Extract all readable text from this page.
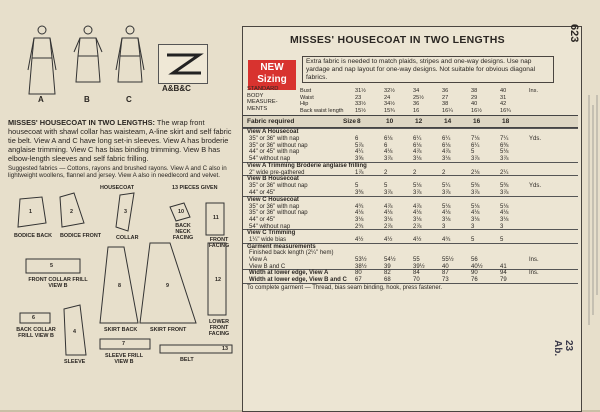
A	B	C
A&B&C
MISSES' HOUSECOAT IN TWO LENGTHS: The wrap front housecoat with shawl collar has waisteam, A-line skirt and self fabric tie belt. View A and C have long set-in sleeves. View A has broderie anglaise trimming. View C has bias binding trimming. View B has elbow-length sleeves and self fabric frilling.
Suggested fabrics — Cottons, rayons and brushed rayons. View A and C also in lightweight woollens, flannel and jersey. View A also in needlecord and velvet.
HOUSECOAT	13 PIECES GIVEN
BODICE BACK BODICE FRONT	COLLAR
BACK NECK FACING	FRONT FACING
FRONT COLLAR FRILL VIEW B
BACK COLLAR FRILL VIEW B
SKIRT BACK SKIRT FRONT
LOWER FRONT FACING
SLEEVE
SLEEVE FRILL VIEW B	BELT
1	2	3	10
11
5
6
8	9
12
4
7
13
MISSES' HOUSECOAT IN TWO LENGTHS
NEW
Sizing
Extra fabric is needed to match plaids, stripes and one-way designs. Use nap yardage and nap layout for one-way designs. Not suitable for obvious diagonal fabrics.
STANDARD
BODY
MEASURE-
MENTS
Bust	31½	32½	34	36	38	40	Ins.
Waist	23	24	25½	27	29	31
Hip	33½	34½	36	38	40	42
Back waist length 15½	15¾	16	16¼	16½	16¾
Fabric required	Size 8	10	12	14	16	18
View A Housecoat
35" or 36" with nap	6	6⅛	6¼	6¼	7⅛	7¼	Yds.
35" or 36" without nap	5⅞	6	6⅛	6⅛	6¼	6⅜
44" or 45" with nap	4¼	4⅛	4⅞	4⅞	5	5⅛
54" without nap	3⅝	3⅞	3⅛	3⅛	3⅞	3⅞
View A Trimming Broderie anglaise frilling
2" wide pre-gathered	1⅞	2	2	2	2⅛	2¼
View B Housecoat
35" or 36" without nap	5	5	5⅛	5¼	5⅜	5⅜	Yds.
44" or 45"	3⅜	3⅞	3⅞	3⅞	3⅞	3⅞
View C Housecoat
35" or 36" with nap	4¾	4⅞	4⅞	5⅛	5⅛	5⅛
35" or 36" without nap	4⅛	4⅛	4⅛	4⅛	4⅛	4⅛
44" or 45"	3⅛	3⅛	3⅛	3⅛	3⅛	3⅛
54" without nap	2¾	2⅞	2⅞	3	3	3
View C Trimming
1¼" wide bias	4½	4½	4½	4¾	5	5
Garment measurements
Finished back length (2¼" hem)
View A	53½	54½	55	55½	56	Ins.
View B and C	38½	39	39½	40	40½	41
Width at lower edge, View A	80	82	84	87	90	94	Ins.
Width at lower edge, View B and C 67	68	70	73	76	79
To complete garment — Thread, bias seam binding, hook, press fastener.
623
23 Ab.
